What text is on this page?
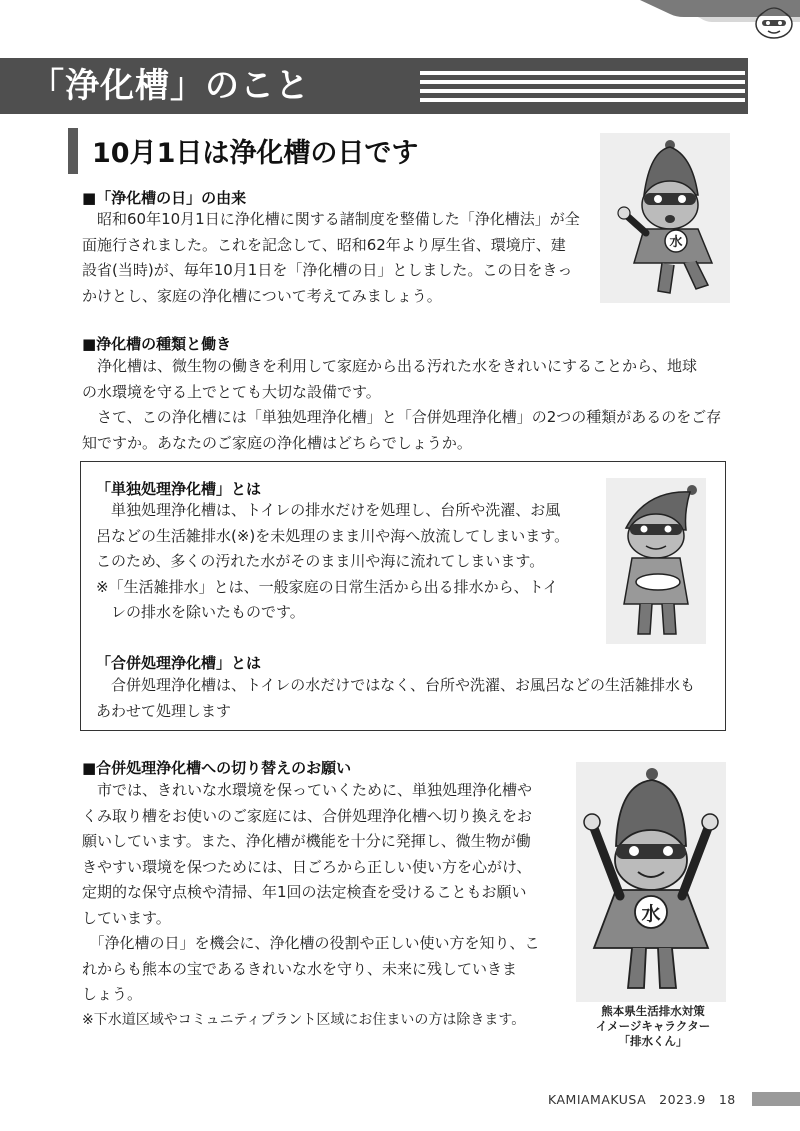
「浄化槽」のこと
10月1日は浄化槽の日です
■「浄化槽の日」の由来

　昭和60年10月1日に浄化槽に関する諸制度を整備した「浄化槽法」が全

面施行されました。これを記念して、昭和62年より厚生省、環境庁、建

設省(当時)が、毎年10月1日を「浄化槽の日」としました。この日をきっ

かけとし、家庭の浄化槽について考えてみましょう。

水
■浄化槽の種類と働き

　浄化槽は、微生物の働きを利用して家庭から出る汚れた水をきれいにすることから、地球

の水環境を守る上でとても大切な設備です。

　さて、この浄化槽には「単独処理浄化槽」と「合併処理浄化槽」の2つの種類があるのをご存

知ですか。あなたのご家庭の浄化槽はどちらでしょうか。

「単独処理浄化槽」とは

　単独処理浄化槽は、トイレの排水だけを処理し、台所や洗濯、お風

呂などの生活雑排水(※)を未処理のまま川や海へ放流してしまいます。

このため、多くの汚れた水がそのまま川や海に流れてしまいます。

※「生活雑排水」とは、一般家庭の日常生活から出る排水から、トイ

　レの排水を除いたものです。

「合併処理浄化槽」とは

　合併処理浄化槽は、トイレの水だけではなく、台所や洗濯、お風呂などの生活雑排水も

あわせて処理します

■合併処理浄化槽への切り替えのお願い

　市では、きれいな水環境を保っていくために、単独処理浄化槽や

くみ取り槽をお使いのご家庭には、合併処理浄化槽へ切り換えをお

願いしています。また、浄化槽が機能を十分に発揮し、微生物が働

きやすい環境を保つためには、日ごろから正しい使い方を心がけ、

定期的な保守点検や清掃、年1回の法定検査を受けることもお願い

しています。

　「浄化槽の日」を機会に、浄化槽の役割や正しい使い方を知り、こ

れからも熊本の宝であるきれいな水を守り、未来に残していきま

しょう。

※下水道区域やコミュニティプラント区域にお住まいの方は除きます。

水
熊本県生活排水対策
イメージキャラクター
「排水くん」
KAMIAMAKUSA　2023.9　18
